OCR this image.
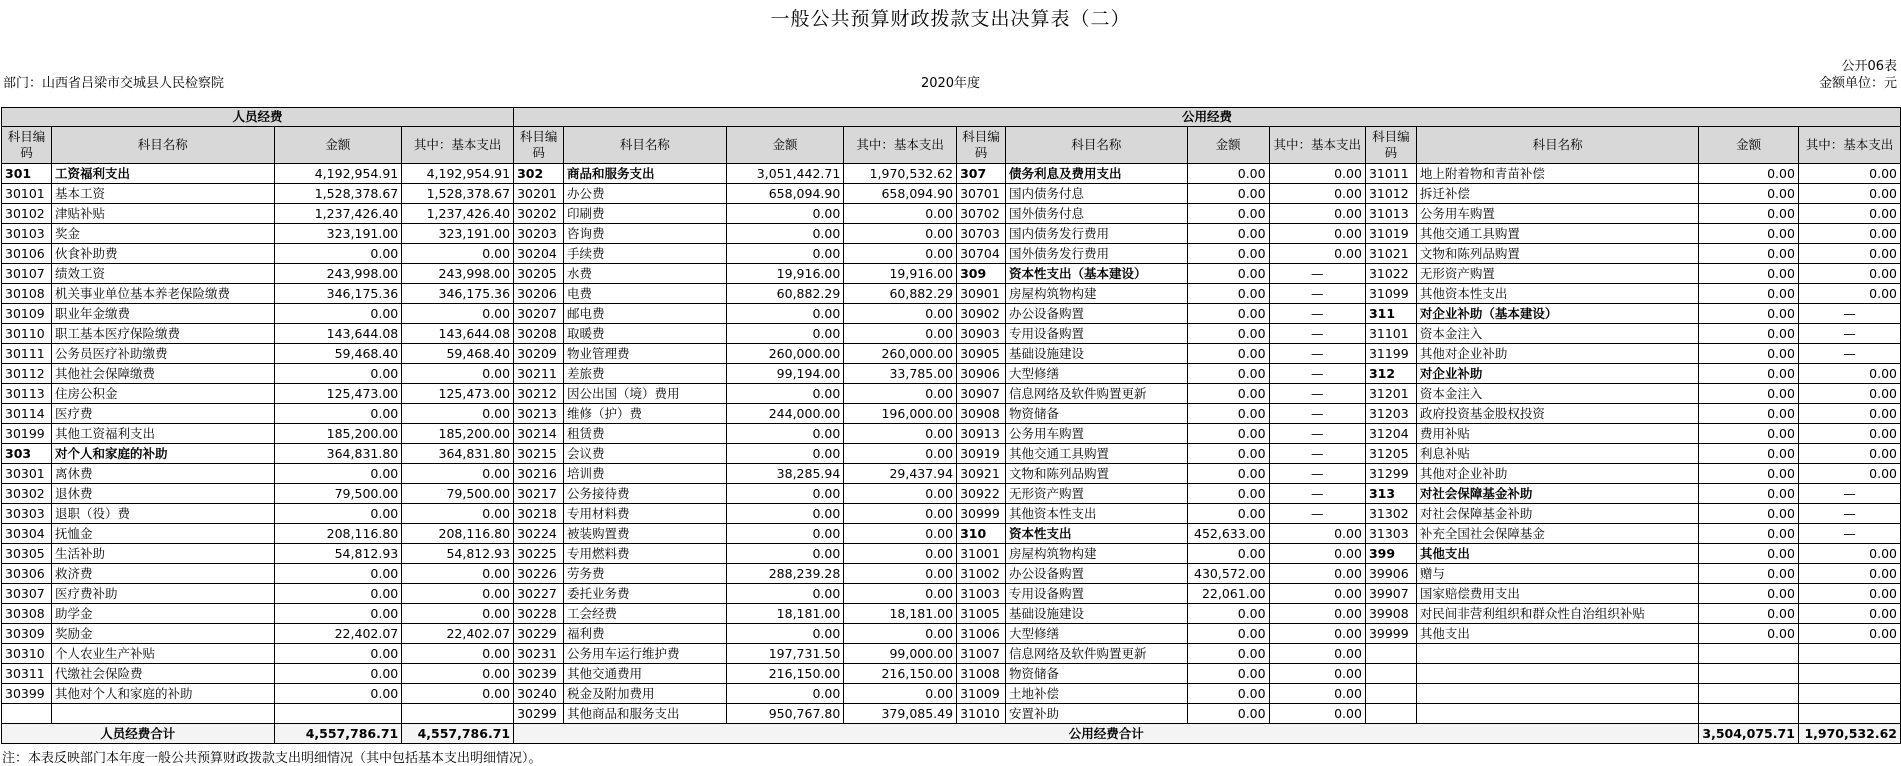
一般公共预算财政拨款支出决算表（二）
公开06表
部门：山西省吕梁市交城县人民检察院	2020年度	金额单位：元
人员经费				公用经费											
科目编码	科目名称	金额	其中：基本支出	科目编码	科目名称	金额	其中：基本支出	科目编码	科目名称	金额	其中：基本支出	科目编码	科目名称	金额	其中：基本支出
301	工资福利支出	4,192,954.91	4,192,954.91	302	商品和服务支出	3,051,442.71	1,970,532.62	307	债务利息及费用支出	0.00	0.00	31011	地上附着物和青苗补偿	0.00	0.00
30101	基本工资	1,528,378.67	1,528,378.67	30201	办公费	658,094.90	658,094.90	30701	国内债务付息	0.00	0.00	31012	拆迁补偿	0.00	0.00
30102	津贴补贴	1,237,426.40	1,237,426.40	30202	印刷费	0.00	0.00	30702	国外债务付息	0.00	0.00	31013	公务用车购置	0.00	0.00
30103	奖金	323,191.00	323,191.00	30203	咨询费	0.00	0.00	30703	国内债务发行费用	0.00	0.00	31019	其他交通工具购置	0.00	0.00
30106	伙食补助费	0.00	0.00	30204	手续费	0.00	0.00	30704	国外债务发行费用	0.00	0.00	31021	文物和陈列品购置	0.00	0.00
30107	绩效工资	243,998.00	243,998.00	30205	水费	19,916.00	19,916.00	309	资本性支出（基本建设）	0.00	—	31022	无形资产购置	0.00	0.00
30108	机关事业单位基本养老保险缴费	346,175.36	346,175.36	30206	电费	60,882.29	60,882.29	30901	房屋构筑物构建	0.00	—	31099	其他资本性支出	0.00	0.00
30109	职业年金缴费	0.00	0.00	30207	邮电费	0.00	0.00	30902	办公设备购置	0.00	—	311	对企业补助（基本建设）	0.00	—
30110	职工基本医疗保险缴费	143,644.08	143,644.08	30208	取暖费	0.00	0.00	30903	专用设备购置	0.00	—	31101	资本金注入	0.00	—
30111	公务员医疗补助缴费	59,468.40	59,468.40	30209	物业管理费	260,000.00	260,000.00	30905	基础设施建设	0.00	—	31199	其他对企业补助	0.00	—
30112	其他社会保障缴费	0.00	0.00	30211	差旅费	99,194.00	33,785.00	30906	大型修缮	0.00	—	312	对企业补助	0.00	0.00
30113	住房公积金	125,473.00	125,473.00	30212	因公出国（境）费用	0.00	0.00	30907	信息网络及软件购置更新	0.00	—	31201	资本金注入	0.00	0.00
30114	医疗费	0.00	0.00	30213	维修（护）费	244,000.00	196,000.00	30908	物资储备	0.00	—	31203	政府投资基金股权投资	0.00	0.00
30199	其他工资福利支出	185,200.00	185,200.00	30214	租赁费	0.00	0.00	30913	公务用车购置	0.00	—	31204	费用补贴	0.00	0.00
303	对个人和家庭的补助	364,831.80	364,831.80	30215	会议费	0.00	0.00	30919	其他交通工具购置	0.00	—	31205	利息补贴	0.00	0.00
30301	离休费	0.00	0.00	30216	培训费	38,285.94	29,437.94	30921	文物和陈列品购置	0.00	—	31299	其他对企业补助	0.00	0.00
30302	退休费	79,500.00	79,500.00	30217	公务接待费	0.00	0.00	30922	无形资产购置	0.00	—	313	对社会保障基金补助	0.00	—
30303	退职（役）费	0.00	0.00	30218	专用材料费	0.00	0.00	30999	其他资本性支出	0.00	—	31302	对社会保障基金补助	0.00	—
30304	抚恤金	208,116.80	208,116.80	30224	被装购置费	0.00	0.00	310	资本性支出	452,633.00	0.00	31303	补充全国社会保障基金	0.00	—
30305	生活补助	54,812.93	54,812.93	30225	专用燃料费	0.00	0.00	31001	房屋构筑物构建	0.00	0.00	399	其他支出	0.00	0.00
30306	救济费	0.00	0.00	30226	劳务费	288,239.28	0.00	31002	办公设备购置	430,572.00	0.00	39906	赠与	0.00	0.00
30307	医疗费补助	0.00	0.00	30227	委托业务费	0.00	0.00	31003	专用设备购置	22,061.00	0.00	39907	国家赔偿费用支出	0.00	0.00
30308	助学金	0.00	0.00	30228	工会经费	18,181.00	18,181.00	31005	基础设施建设	0.00	0.00	39908	对民间非营利组织和群众性自治组织补贴	0.00	0.00
30309	奖励金	22,402.07	22,402.07	30229	福利费	0.00	0.00	31006	大型修缮	0.00	0.00	39999	其他支出	0.00	0.00
30310	个人农业生产补贴	0.00	0.00	30231	公务用车运行维护费	197,731.50	99,000.00	31007	信息网络及软件购置更新	0.00	0.00				
30311	代缴社会保险费	0.00	0.00	30239	其他交通费用	216,150.00	216,150.00	31008	物资储备	0.00	0.00				
30399	其他对个人和家庭的补助	0.00	0.00	30240	税金及附加费用	0.00	0.00	31009	土地补偿	0.00	0.00				
				30299	其他商品和服务支出	950,767.80	379,085.49	31010	安置补助	0.00	0.00				
人员经费合计		4,557,786.71	4,557,786.71	公用经费合计										3,504,075.71	1,970,532.62
注：本表反映部门本年度一般公共预算财政拨款支出明细情况（其中包括基本支出明细情况）。
